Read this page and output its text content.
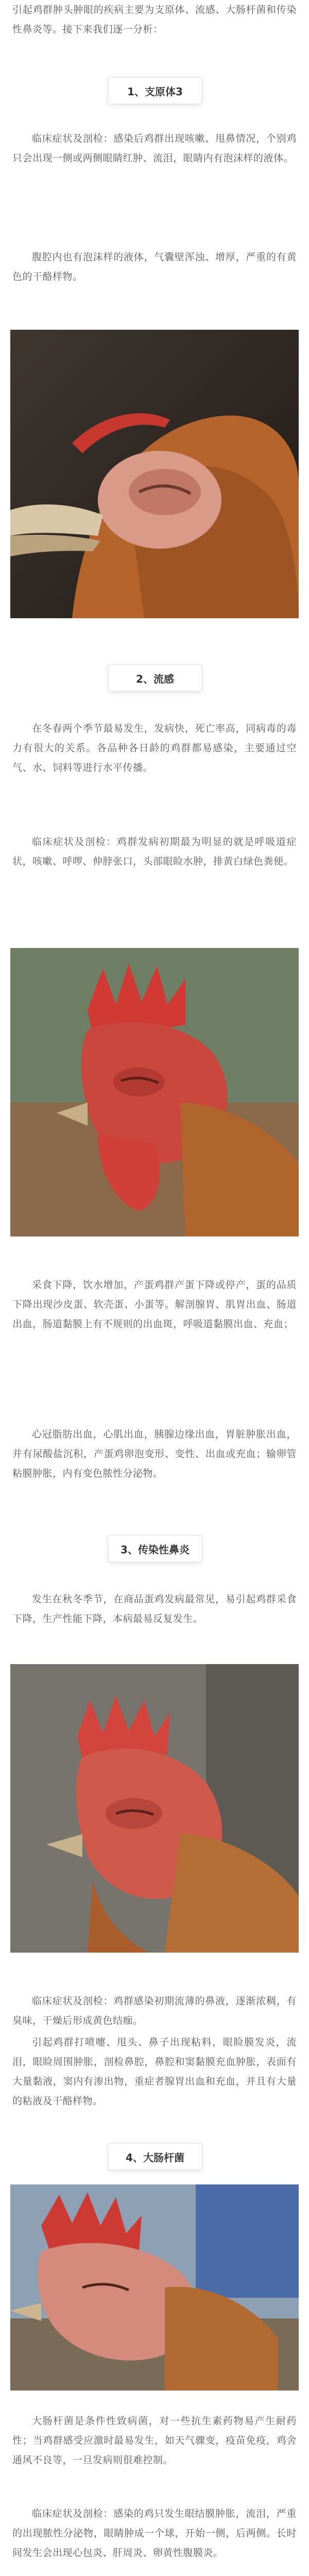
引起鸡群肿头肿眼的疾病主要为支原体、流感、大肠杆菌和传染性鼻炎等。接下来我们逐一分析：

1、支原体3

临床症状及剖检：感染后鸡群出现咳嗽、甩鼻情况，个别鸡只会出现一侧或两侧眼睛红肿、流泪，眼睛内有泡沫样的液体。

腹腔内也有泡沫样的液体，气囊壁浑浊、增厚，严重的有黄色的干酪样物。

2、流感

在冬春两个季节最易发生，发病快，死亡率高，同病毒的毒力有很大的关系。各品种各日龄的鸡群都易感染，主要通过空气、水、饲料等进行水平传播。

临床症状及剖检：鸡群发病初期最为明显的就是呼吸道症状，咳嗽、呼啰、伸脖张口，头部眼睑水肿，排黄白绿色粪便。

采食下降，饮水增加，产蛋鸡群产蛋下降或停产，蛋的品质下降出现沙皮蛋、软壳蛋、小蛋等。解剖腺胃、肌胃出血、肠道出血，肠道黏膜上有不规则的出血斑，呼吸道黏膜出血、充血；

心冠脂肪出血，心肌出血，胰腺边缘出血，胃脏肿胀出血，并有尿酸盐沉积，产蛋鸡卵泡变形、变性、出血或充血；输卵管粘膜肿胀，内有变色脓性分泌物。

3、传染性鼻炎

发生在秋冬季节，在商品蛋鸡发病最常见，易引起鸡群采食下降，生产性能下降，本病最易反复发生。

临床症状及剖检：鸡群感染初期流薄的鼻液，逐渐浓稠，有臭味，干燥后形成黄色结痂。

引起鸡群打喷嚏、甩头、鼻子出现粘料，眼睑膜发炎，流泪，眼睑周围肿胀，剖检鼻腔，鼻腔和窦黏膜充血肿胀，表面有大量黏液，窦内有渗出物，重症者腺胃出血和充血，并且有大量的粘液及干酪样物。

4、大肠杆菌

大肠杆菌是条件性致病菌，对一些抗生素药物易产生耐药性；当鸡群感受应激时最易发生，如天气骤变，疫苗免疫，鸡舍通风不良等，一旦发病则很难控制。

临床症状及剖检：感染的鸡只发生眼结膜肿胀，流泪，严重的出现脓性分泌物，眼睛肿成一个球，开始一侧，后两侧。长时间发生会出现心包炎、肝周炎、卵黄性腹膜炎。
